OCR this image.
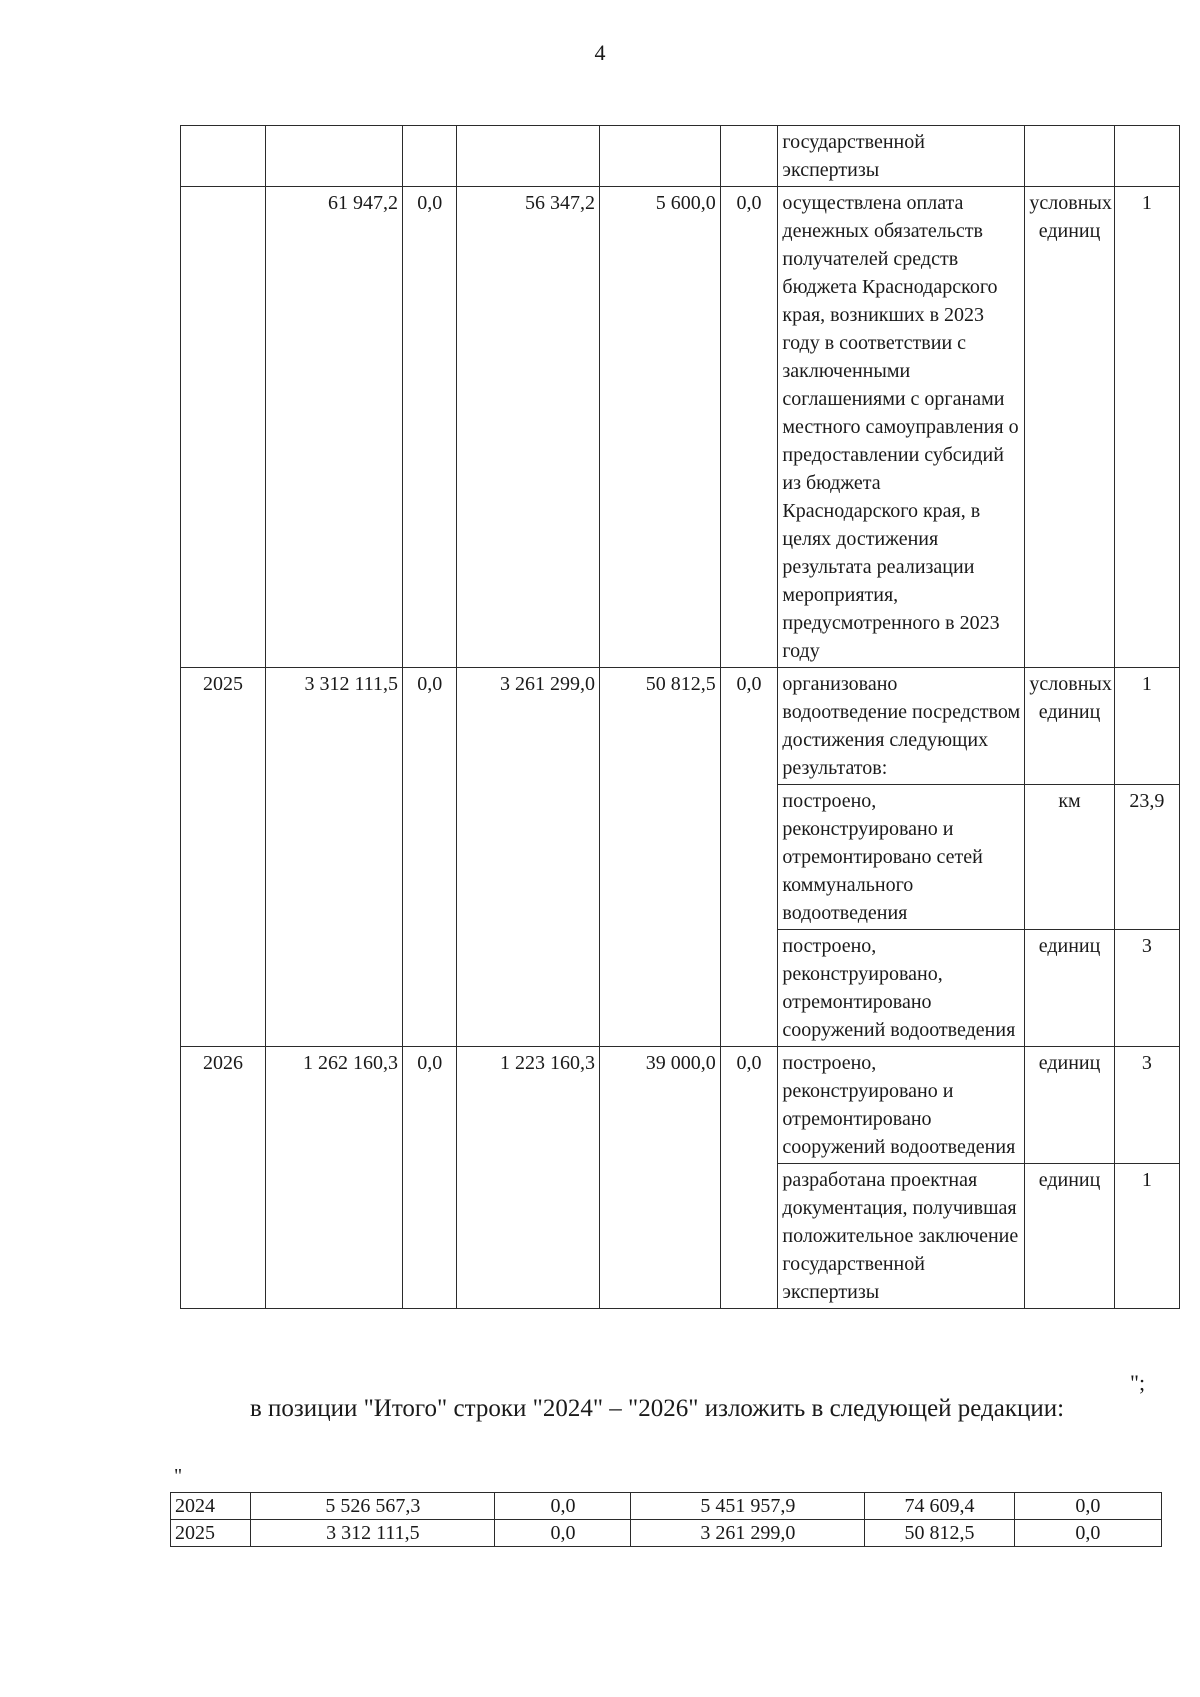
4
						государственной экспертизы		
	61 947,2	0,0	56 347,2	5 600,0	0,0	осуществлена оплата денежных обязательств получателей средств бюджета Краснодарского края, возникших в 2023 году в соответствии с заключенными соглашениями с органами местного самоуправления о предоставлении субсидий из бюджета Краснодарского края, в целях достижения результата реализации мероприятия, предусмотренного в 2023 году	условных единиц	1
2025	3 312 111,5	0,0	3 261 299,0	50 812,5	0,0	организовано водоотведение посредством достижения следующих результатов:	условных единиц	1
						построено, реконструировано и отремонтировано сетей коммунального водоотведения	км	23,9
						построено, реконструировано, отремонтировано сооружений водоотведения	единиц	3
2026	1 262 160,3	0,0	1 223 160,3	39 000,0	0,0	построено, реконструировано и отремонтировано сооружений водоотведения	единиц	3
						разработана проектная документация, получившая положительное заключение государственной экспертизы	единиц	1
";
в позиции "Итого" строки "2024" – "2026" изложить в следующей редакции:
"
2024	5 526 567,3	0,0	5 451 957,9	74 609,4	0,0
2025	3 312 111,5	0,0	3 261 299,0	50 812,5	0,0
